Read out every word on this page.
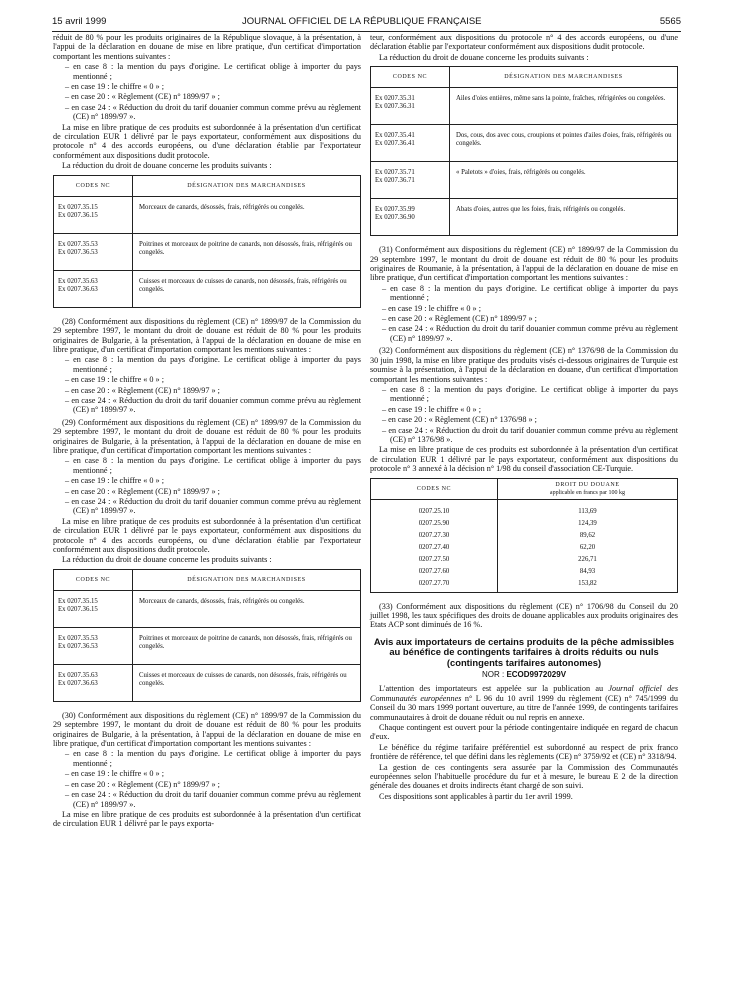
15 avril 1999	JOURNAL OFFICIEL DE LA RÉPUBLIQUE FRANÇAISE	5565

réduit de 80 % pour les produits originaires de la République slovaque, à la présentation, à l'appui de la déclaration en douane de mise en libre pratique, d'un certificat d'importation comportant les mentions suivantes :

– en case 8 : la mention du pays d'origine. Le certificat oblige à importer du pays mentionné ;

– en case 19 : le chiffre « 0 » ;

– en case 20 : « Règlement (CE) n° 1899/97 » ;

– en case 24 : « Réduction du droit du tarif douanier commun comme prévu au règlement (CE) n° 1899/97 ».

La mise en libre pratique de ces produits est subordonnée à la présentation d'un certificat de circulation EUR 1 délivré par le pays exportateur, conformément aux dispositions du protocole n° 4 des accords européens, ou d'une déclaration établie par l'exportateur conformément aux dispositions dudit protocole.

La réduction du droit de douane concerne les produits suivants :

CODES NC	DÉSIGNATION DES MARCHANDISES

Ex 0207.35.15
Ex 0207.36.15	Morceaux de canards, désossés, frais, réfrigérés ou congelés.

Ex 0207.35.53
Ex 0207.36.53	Poitrines et morceaux de poitrine de canards, non désossés, frais, réfrigérés ou congelés.

Ex 0207.35.63
Ex 0207.36.63	Cuisses et morceaux de cuisses de canards, non désossés, frais, réfrigérés ou congelés.

(28) Conformément aux dispositions du règlement (CE) n° 1899/97 de la Commission du 29 septembre 1997, le montant du droit de douane est réduit de 80 % pour les produits originaires de Bulgarie, à la présentation, à l'appui de la déclaration en douane de mise en libre pratique, d'un certificat d'importation comportant les mentions suivantes :

– en case 8 : la mention du pays d'origine. Le certificat oblige à importer du pays mentionné ;

– en case 19 : le chiffre « 0 » ;

– en case 20 : « Règlement (CE) n° 1899/97 » ;

– en case 24 : « Réduction du droit du tarif douanier commun comme prévu au règlement (CE) n° 1899/97 ».

(29) Conformément aux dispositions du règlement (CE) n° 1899/97 de la Commission du 29 septembre 1997, le montant du droit de douane est réduit de 80 % pour les produits originaires de Bulgarie, à la présentation, à l'appui de la déclaration en douane de mise en libre pratique, d'un certificat d'importation comportant les mentions suivantes :

– en case 8 : la mention du pays d'origine. Le certificat oblige à importer du pays mentionné ;

– en case 19 : le chiffre « 0 » ;

– en case 20 : « Règlement (CE) n° 1899/97 » ;

– en case 24 : « Réduction du droit du tarif douanier commun comme prévu au règlement (CE) n° 1899/97 ».

La mise en libre pratique de ces produits est subordonnée à la présentation d'un certificat de circulation EUR 1 délivré par le pays exportateur, conformément aux dispositions du protocole n° 4 des accords européens, ou d'une déclaration établie par l'exportateur conformément aux dispositions dudit protocole.

La réduction du droit de douane concerne les produits suivants :

CODES NC	DÉSIGNATION DES MARCHANDISES

Ex 0207.35.15
Ex 0207.36.15	Morceaux de canards, désossés, frais, réfrigérés ou congelés.

Ex 0207.35.53
Ex 0207.36.53	Poitrines et morceaux de poitrine de canards, non désossés, frais, réfrigérés ou congelés.

Ex 0207.35.63
Ex 0207.36.63	Cuisses et morceaux de cuisses de canards, non désossés, frais, réfrigérés ou congelés.

(30) Conformément aux dispositions du règlement (CE) n° 1899/97 de la Commission du 29 septembre 1997, le montant du droit de douane est réduit de 80 % pour les produits originaires de Bulgarie, à la présentation, à l'appui de la déclaration en douane de mise en libre pratique, d'un certificat d'importation comportant les mentions suivantes :

– en case 8 : la mention du pays d'origine. Le certificat oblige à importer du pays mentionné ;

– en case 19 : le chiffre « 0 » ;

– en case 20 : « Règlement (CE) n° 1899/97 » ;

– en case 24 : « Réduction du droit du tarif douanier commun comme prévu au règlement (CE) n° 1899/97 ».

La mise en libre pratique de ces produits est subordonnée à la présentation d'un certificat de circulation EUR 1 délivré par le pays exporta-

teur, conformément aux dispositions du protocole n° 4 des accords européens, ou d'une déclaration établie par l'exportateur conformément aux dispositions dudit protocole.

La réduction du droit de douane concerne les produits suivants :

CODES NC	DÉSIGNATION DES MARCHANDISES

Ex 0207.35.31
Ex 0207.36.31	Ailes d'oies entières, même sans la pointe, fraîches, réfrigérées ou congelées.

Ex 0207.35.41
Ex 0207.36.41	Dos, cous, dos avec cous, croupions et pointes d'ailes d'oies, frais, réfrigérés ou congelés.

Ex 0207.35.71
Ex 0207.36.71	« Paletots » d'oies, frais, réfrigérés ou congelés.

Ex 0207.35.99
Ex 0207.36.90	Abats d'oies, autres que les foies, frais, réfrigérés ou congelés.

(31) Conformément aux dispositions du règlement (CE) n° 1899/97 de la Commission du 29 septembre 1997, le montant du droit de douane est réduit de 80 % pour les produits originaires de Roumanie, à la présentation, à l'appui de la déclaration en douane de mise en libre pratique, d'un certificat d'importation comportant les mentions suivantes :

– en case 8 : la mention du pays d'origine. Le certificat oblige à importer du pays mentionné ;

– en case 19 : le chiffre « 0 » ;

– en case 20 : « Règlement (CE) n° 1899/97 » ;

– en case 24 : « Réduction du droit du tarif douanier commun comme prévu au règlement (CE) n° 1899/97 ».

(32) Conformément aux dispositions du règlement (CE) n° 1376/98 de la Commission du 30 juin 1998, la mise en libre pratique des produits visés ci-dessous originaires de Turquie est soumise à la présentation, à l'appui de la déclaration en douane, d'un certificat d'importation comportant les mentions suivantes :

– en case 8 : la mention du pays d'origine. Le certificat oblige à importer du pays mentionné ;

– en case 19 : le chiffre « 0 » ;

– en case 20 : « Règlement (CE) n° 1376/98 » ;

– en case 24 : « Réduction du droit du tarif douanier commun comme prévu au règlement (CE) n° 1376/98 ».

La mise en libre pratique de ces produits est subordonnée à la présentation d'un certificat de circulation EUR 1 délivré par le pays exportateur, conformément aux dispositions du protocole n° 3 annexé à la décision n° 1/98 du conseil d'association CE-Turquie.

CODES NC	DROIT DU DOUANE
applicable en francs par 100 kg

0207.25.10	113,69
0207.25.90	124,39
0207.27.30	89,62
0207.27.40	62,20
0207.27.50	226,71
0207.27.60	84,93
0207.27.70	153,82

(33) Conformément aux dispositions du règlement (CE) n° 1706/98 du Conseil du 20 juillet 1998, les taux spécifiques des droits de douane applicables aux produits originaires des Etats ACP sont diminués de 16 %.

Avis aux importateurs de certains produits de la pêche admissibles au bénéfice de contingents tarifaires à droits réduits ou nuls (contingents tarifaires autonomes)
NOR : ECOD9972029V

L'attention des importateurs est appelée sur la publication au Journal officiel des Communautés européennes n° L 96 du 10 avril 1999 du règlement (CE) n° 745/1999 du Conseil du 30 mars 1999 portant ouverture, au titre de l'année 1999, de contingents tarifaires communautaires à droit de douane réduit ou nul repris en annexe.

Chaque contingent est ouvert pour la période contingentaire indiquée en regard de chacun d'eux.

Le bénéfice du régime tarifaire préférentiel est subordonné au respect de prix franco frontière de référence, tel que défini dans les règlements (CE) n° 3759/92 et (CE) n° 3318/94.

La gestion de ces contingents sera assurée par la Commission des Communautés européennes selon l'habituelle procédure du fur et à mesure, le bureau E 2 de la direction générale des douanes et droits indirects étant chargé de son suivi.

Ces dispositions sont applicables à partir du 1er avril 1999.
